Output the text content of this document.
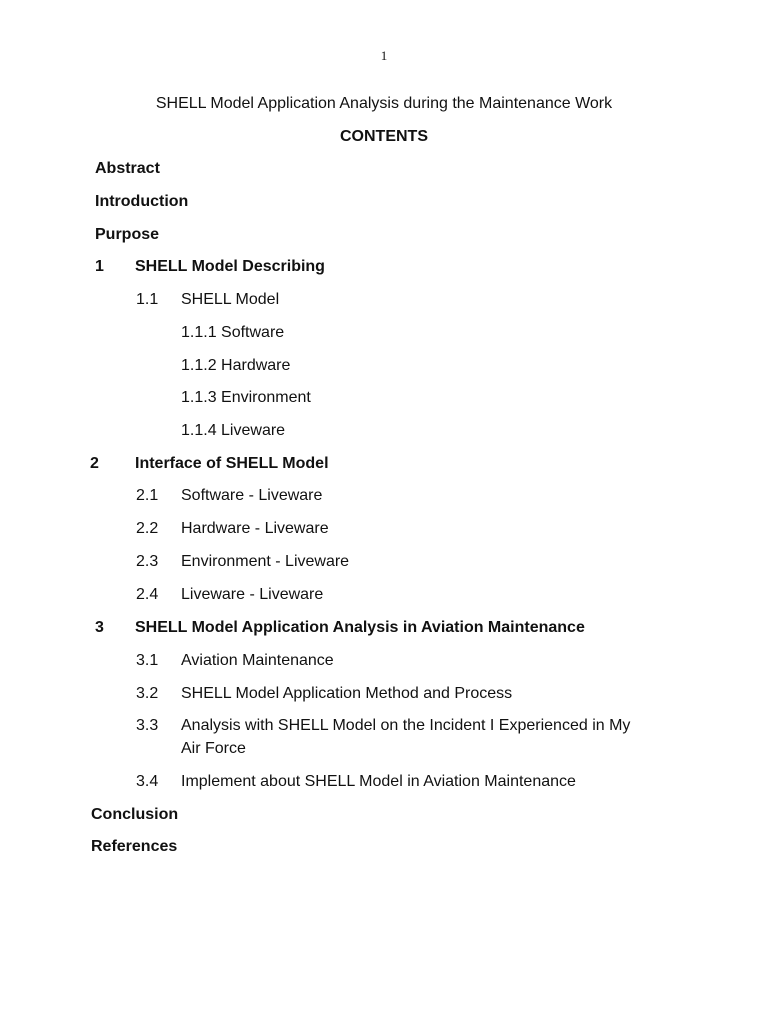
1
SHELL Model Application Analysis during the Maintenance Work
CONTENTS
Abstract
Introduction
Purpose
1 SHELL Model Describing
1.1 SHELL Model
1.1.1 Software
1.1.2 Hardware
1.1.3 Environment
1.1.4 Liveware
2 Interface of SHELL Model
2.1 Software - Liveware
2.2 Hardware - Liveware
2.3 Environment - Liveware
2.4 Liveware - Liveware
3 SHELL Model Application Analysis in Aviation Maintenance
3.1 Aviation Maintenance
3.2 SHELL Model Application Method and Process
3.3 Analysis with SHELL Model on the Incident I Experienced in My
Air Force
3.4 Implement about SHELL Model in Aviation Maintenance
Conclusion
References
